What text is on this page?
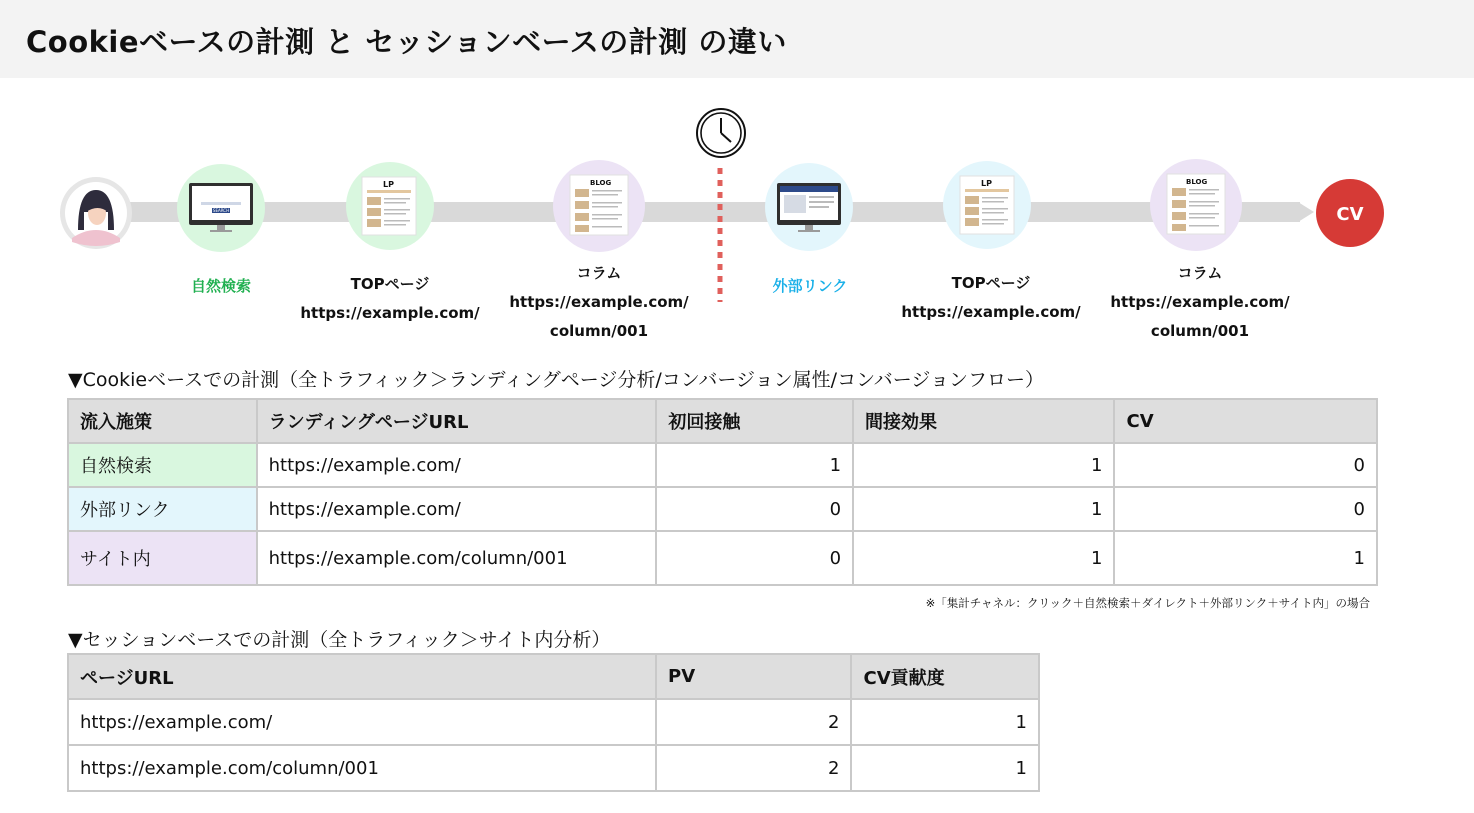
Cookieベースの計測 と セッションベースの計測 の違い
SEARCH
LP	BLOG	LP	BLOG
CV
自然検索	TOPページ
https://example.com/
コラム
https://example.com/
column/001
外部リンク	TOPページ
https://example.com/
コラム
https://example.com/
column/001
▼Cookieベースでの計測（全トラフィック＞ランディングページ分析/コンバージョン属性/コンバージョンフロー）
流入施策	ランディングページURL	初回接触	間接効果	CV
自然検索	https://example.com/	1	1	0
外部リンク	https://example.com/	0	1	0
サイト内	https://example.com/column/001	0	1	1
※「集計チャネル：クリック＋自然検索＋ダイレクト＋外部リンク＋サイト内」の場合
▼セッションベースでの計測（全トラフィック＞サイト内分析）
ページURL	PV	CV貢献度
https://example.com/	2	1
https://example.com/column/001	2	1
